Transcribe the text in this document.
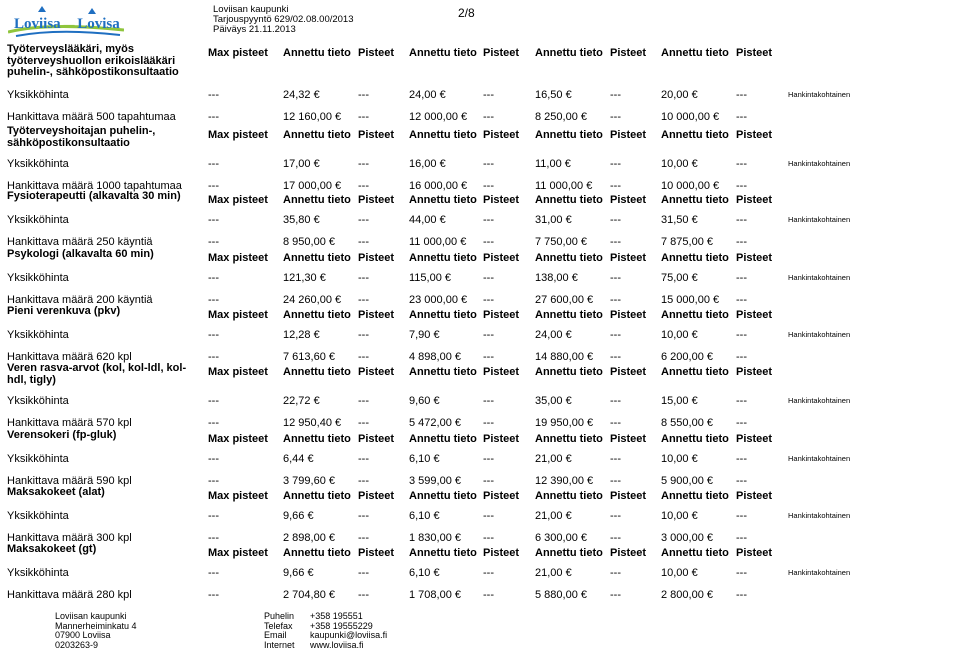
Loviisa — Lovisa
Loviisan kaupunki
Tarjouspyyntö 629/02.08.00/2013
Päiväys 21.11.2013
2/8
Työterveyslääkäri, myös työterveyshuollon erikoislääkäri puhelin-, sähköpostikonsultaatio
Max pisteet Annettu tieto Pisteet Annettu tieto Pisteet Annettu tieto Pisteet Annettu tieto Pisteet
Yksikköhinta	---	24,32 €	---	24,00 €	---	16,50 €	---	20,00 €	---
Hankittava määrä 500 tapahtumaa	---	12 160,00 € ---	12 000,00 € ---	8 250,00 € ---	10 000,00 € ---
Hankintakohtainen
Työterveyshoitajan puhelin-, sähköpostikonsultaatio
Max pisteet Annettu tieto Pisteet Annettu tieto Pisteet Annettu tieto Pisteet Annettu tieto Pisteet
Yksikköhinta	---	17,00 €	---	16,00 €	---	11,00 €	---	10,00 €	---
Hankittava määrä 1000 tapahtumaa ---	17 000,00 € ---	16 000,00 € ---	11 000,00 € ---	10 000,00 € ---
Hankintakohtainen
Fysioterapeutti (alkavalta 30 min)	Max pisteet Annettu tieto Pisteet Annettu tieto Pisteet Annettu tieto Pisteet Annettu tieto Pisteet
Yksikköhinta	---	35,80 €	---	44,00 €	---	31,00 €	---	31,50 €	---
Hankittava määrä 250 käyntiä	---	8 950,00 € ---	11 000,00 € ---	7 750,00 € ---	7 875,00 € ---
Hankintakohtainen
Psykologi (alkavalta 60 min)	Max pisteet Annettu tieto Pisteet Annettu tieto Pisteet Annettu tieto Pisteet Annettu tieto Pisteet
Yksikköhinta	---	121,30 €	---	115,00 €	---	138,00 €	---	75,00 €	---
Hankittava määrä 200 käyntiä	---	24 260,00 € ---	23 000,00 € ---	27 600,00 € ---	15 000,00 € ---
Hankintakohtainen
Pieni verenkuva (pkv)	Max pisteet Annettu tieto Pisteet Annettu tieto Pisteet Annettu tieto Pisteet Annettu tieto Pisteet
Yksikköhinta	---	12,28 €	---	7,90 €	---	24,00 €	---	10,00 €	---
Hankittava määrä 620 kpl	---	7 613,60 € ---	4 898,00 € ---	14 880,00 € ---	6 200,00 € ---
Hankintakohtainen
Veren rasva-arvot (kol, kol-ldl, kol-hdl, tigly)
Max pisteet Annettu tieto Pisteet Annettu tieto Pisteet Annettu tieto Pisteet Annettu tieto Pisteet
Yksikköhinta	---	22,72 €	---	9,60 €	---	35,00 €	---	15,00 €	---
Hankittava määrä 570 kpl	---	12 950,40 € ---	5 472,00 € ---	19 950,00 € ---	8 550,00 € ---
Hankintakohtainen
Verensokeri (fp-gluk)	Max pisteet Annettu tieto Pisteet Annettu tieto Pisteet Annettu tieto Pisteet Annettu tieto Pisteet
Yksikköhinta	---	6,44 €	---	6,10 €	---	21,00 €	---	10,00 €	---
Hankittava määrä 590 kpl	---	3 799,60 € ---	3 599,00 € ---	12 390,00 € ---	5 900,00 € ---
Hankintakohtainen
Maksakokeet (alat)	Max pisteet Annettu tieto Pisteet Annettu tieto Pisteet Annettu tieto Pisteet Annettu tieto Pisteet
Yksikköhinta	---	9,66 €	---	6,10 €	---	21,00 €	---	10,00 €	---
Hankittava määrä 300 kpl	---	2 898,00 € ---	1 830,00 € ---	6 300,00 € ---	3 000,00 € ---
Hankintakohtainen
Maksakokeet (gt)	Max pisteet Annettu tieto Pisteet Annettu tieto Pisteet Annettu tieto Pisteet Annettu tieto Pisteet
Yksikköhinta	---	9,66 €	---	6,10 €	---	21,00 €	---	10,00 €	---
Hankittava määrä 280 kpl	---	2 704,80 € ---	1 708,00 € ---	5 880,00 € ---	2 800,00 € ---
Hankintakohtainen
Loviisan kaupunki
Mannerheiminkatu 4
07900 Loviisa
0203263-9
Puhelin
Telefax
Email
Internet
+358 195551
+358 19555229
kaupunki@loviisa.fi
www.loviisa.fi
